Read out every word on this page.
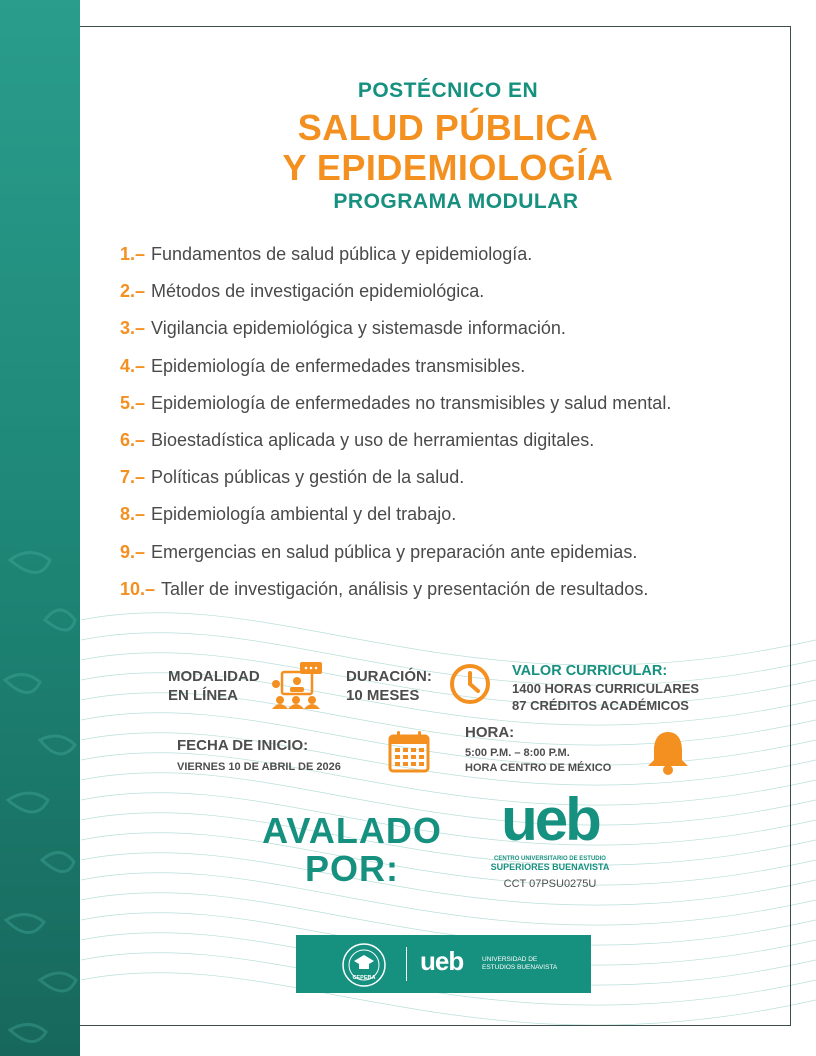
POSTÉCNICO EN
SALUD PÚBLICA
Y EPIDEMIOLOGÍA
PROGRAMA MODULAR
1.– Fundamentos de salud pública y epidemiología.
2.– Métodos de investigación epidemiológica.
3.– Vigilancia epidemiológica y sistemasde información.
4.– Epidemiología de enfermedades transmisibles.
5.– Epidemiología de enfermedades no transmisibles y salud mental.
6.– Bioestadística aplicada y uso de herramientas digitales.
7.– Políticas públicas y gestión de la salud.
8.– Epidemiología ambiental y del trabajo.
9.– Emergencias en salud pública y preparación ante epidemias.
10.– Taller de investigación, análisis y presentación de resultados.
MODALIDAD
EN LÍNEA
DURACIÓN:
10 MESES
VALOR CURRICULAR:
1400 HORAS CURRICULARES
87 CRÉDITOS ACADÉMICOS
FECHA DE INICIO:
VIERNES 10 DE ABRIL DE 2026
HORA:
5:00 P.M. – 8:00 P.M.
HORA CENTRO DE MÉXICO
AVALADO
POR:
ueb
CENTRO UNIVERSITARIO DE ESTUDIO
SUPERIORES BUENAVISTA
CCT 07PSU0275U
CEPEBA
ueb	UNIVERSIDAD DE
ESTUDIOS BUENAVISTA
